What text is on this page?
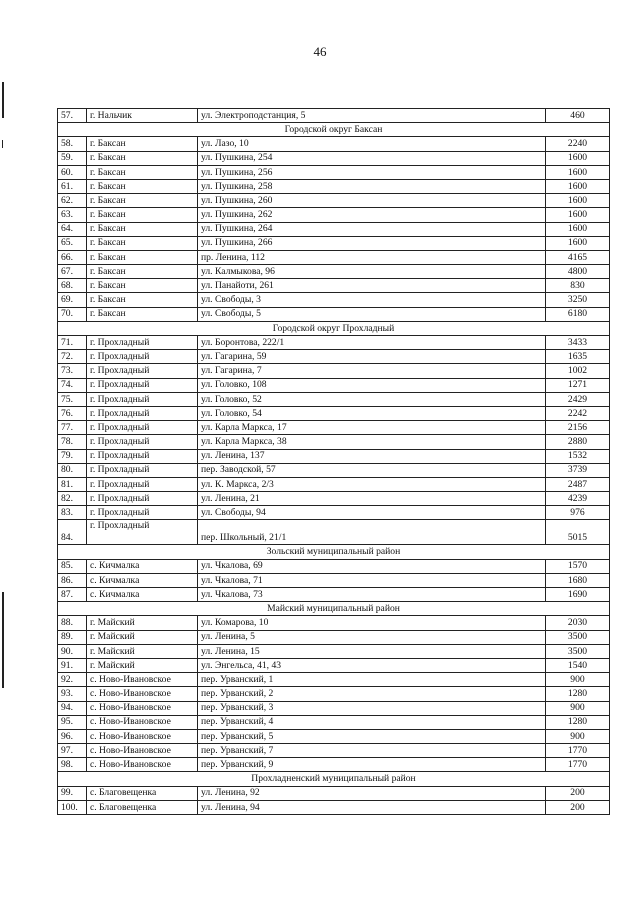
46
57.	г. Нальчик	ул. Электроподстанция, 5	460
Городской округ Баксан			
58.	г. Баксан	ул. Лазо, 10	2240
59.	г. Баксан	ул. Пушкина, 254	1600
60.	г. Баксан	ул. Пушкина, 256	1600
61.	г. Баксан	ул. Пушкина, 258	1600
62.	г. Баксан	ул. Пушкина, 260	1600
63.	г. Баксан	ул. Пушкина, 262	1600
64.	г. Баксан	ул. Пушкина, 264	1600
65.	г. Баксан	ул. Пушкина, 266	1600
66.	г. Баксан	пр. Ленина, 112	4165
67.	г. Баксан	ул. Калмыкова, 96	4800
68.	г. Баксан	ул. Панайоти, 261	830
69.	г. Баксан	ул. Свободы, 3	3250
70.	г. Баксан	ул. Свободы, 5	6180
Городской округ Прохладный			
71.	г. Прохладный	ул. Боронтова, 222/1	3433
72.	г. Прохладный	ул. Гагарина, 59	1635
73.	г. Прохладный	ул. Гагарина, 7	1002
74.	г. Прохладный	ул. Головко, 108	1271
75.	г. Прохладный	ул. Головко, 52	2429
76.	г. Прохладный	ул. Головко, 54	2242
77.	г. Прохладный	ул. Карла Маркса, 17	2156
78.	г. Прохладный	ул. Карла Маркса, 38	2880
79.	г. Прохладный	ул. Ленина, 137	1532
80.	г. Прохладный	пер. Заводской, 57	3739
81.	г. Прохладный	ул. К. Маркса, 2/3	2487
82.	г. Прохладный	ул. Ленина, 21	4239
83.	г. Прохладный	ул. Свободы, 94	976
84.	г. Прохладный	пер. Школьный, 21/1	5015
Зольский муниципальный район			
85.	с. Кичмалка	ул. Чкалова, 69	1570
86.	с. Кичмалка	ул. Чкалова, 71	1680
87.	с. Кичмалка	ул. Чкалова, 73	1690
Майский муниципальный район			
88.	г. Майский	ул. Комарова, 10	2030
89.	г. Майский	ул. Ленина, 5	3500
90.	г. Майский	ул. Ленина, 15	3500
91.	г. Майский	ул. Энгельса, 41, 43	1540
92.	с. Ново-Ивановское	пер. Урванский, 1	900
93.	с. Ново-Ивановское	пер. Урванский, 2	1280
94.	с. Ново-Ивановское	пер. Урванский, 3	900
95.	с. Ново-Ивановское	пер. Урванский, 4	1280
96.	с. Ново-Ивановское	пер. Урванский, 5	900
97.	с. Ново-Ивановское	пер. Урванский, 7	1770
98.	с. Ново-Ивановское	пер. Урванский, 9	1770
Прохладненский муниципальный район			
99.	с. Благовещенка	ул. Ленина, 92	200
100.	с. Благовещенка	ул. Ленина, 94	200
